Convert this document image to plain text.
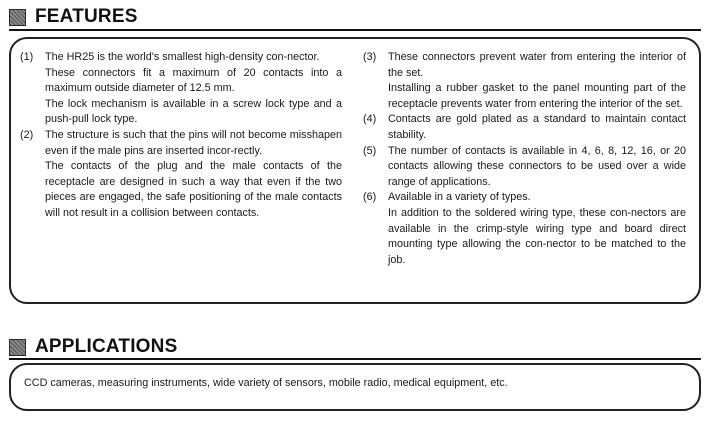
FEATURES
(1)	The HR25 is the world's smallest high-density con-nector.

These connectors fit a maximum of 20 contacts into a maximum outside diameter of 12.5 mm.

The lock mechanism is available in a screw lock type and a push-pull lock type.

(2)	The structure is such that the pins will not become misshapen even if the male pins are inserted incor-rectly.

The contacts of the plug and the male contacts of the receptacle are designed in such a way that even if the two pieces are engaged, the safe positioning of the male contacts will not result in a collision between contacts.

(3)	These connectors prevent water from entering the interior of the set.

Installing a rubber gasket to the panel mounting part of the receptacle prevents water from entering the interior of the set.

(4)	Contacts are gold plated as a standard to maintain contact stability.

(5)	The number of contacts is available in 4, 6, 8, 12, 16, or 20 contacts allowing these connectors to be used over a wide range of applications.

(6)	Available in a variety of types.

In addition to the soldered wiring type, these con-nectors are available in the crimp-style wiring type and board direct mounting type allowing the con-nector to be matched to the job.

APPLICATIONS
CCD cameras, measuring instruments, wide variety of sensors, mobile radio, medical equipment, etc.
